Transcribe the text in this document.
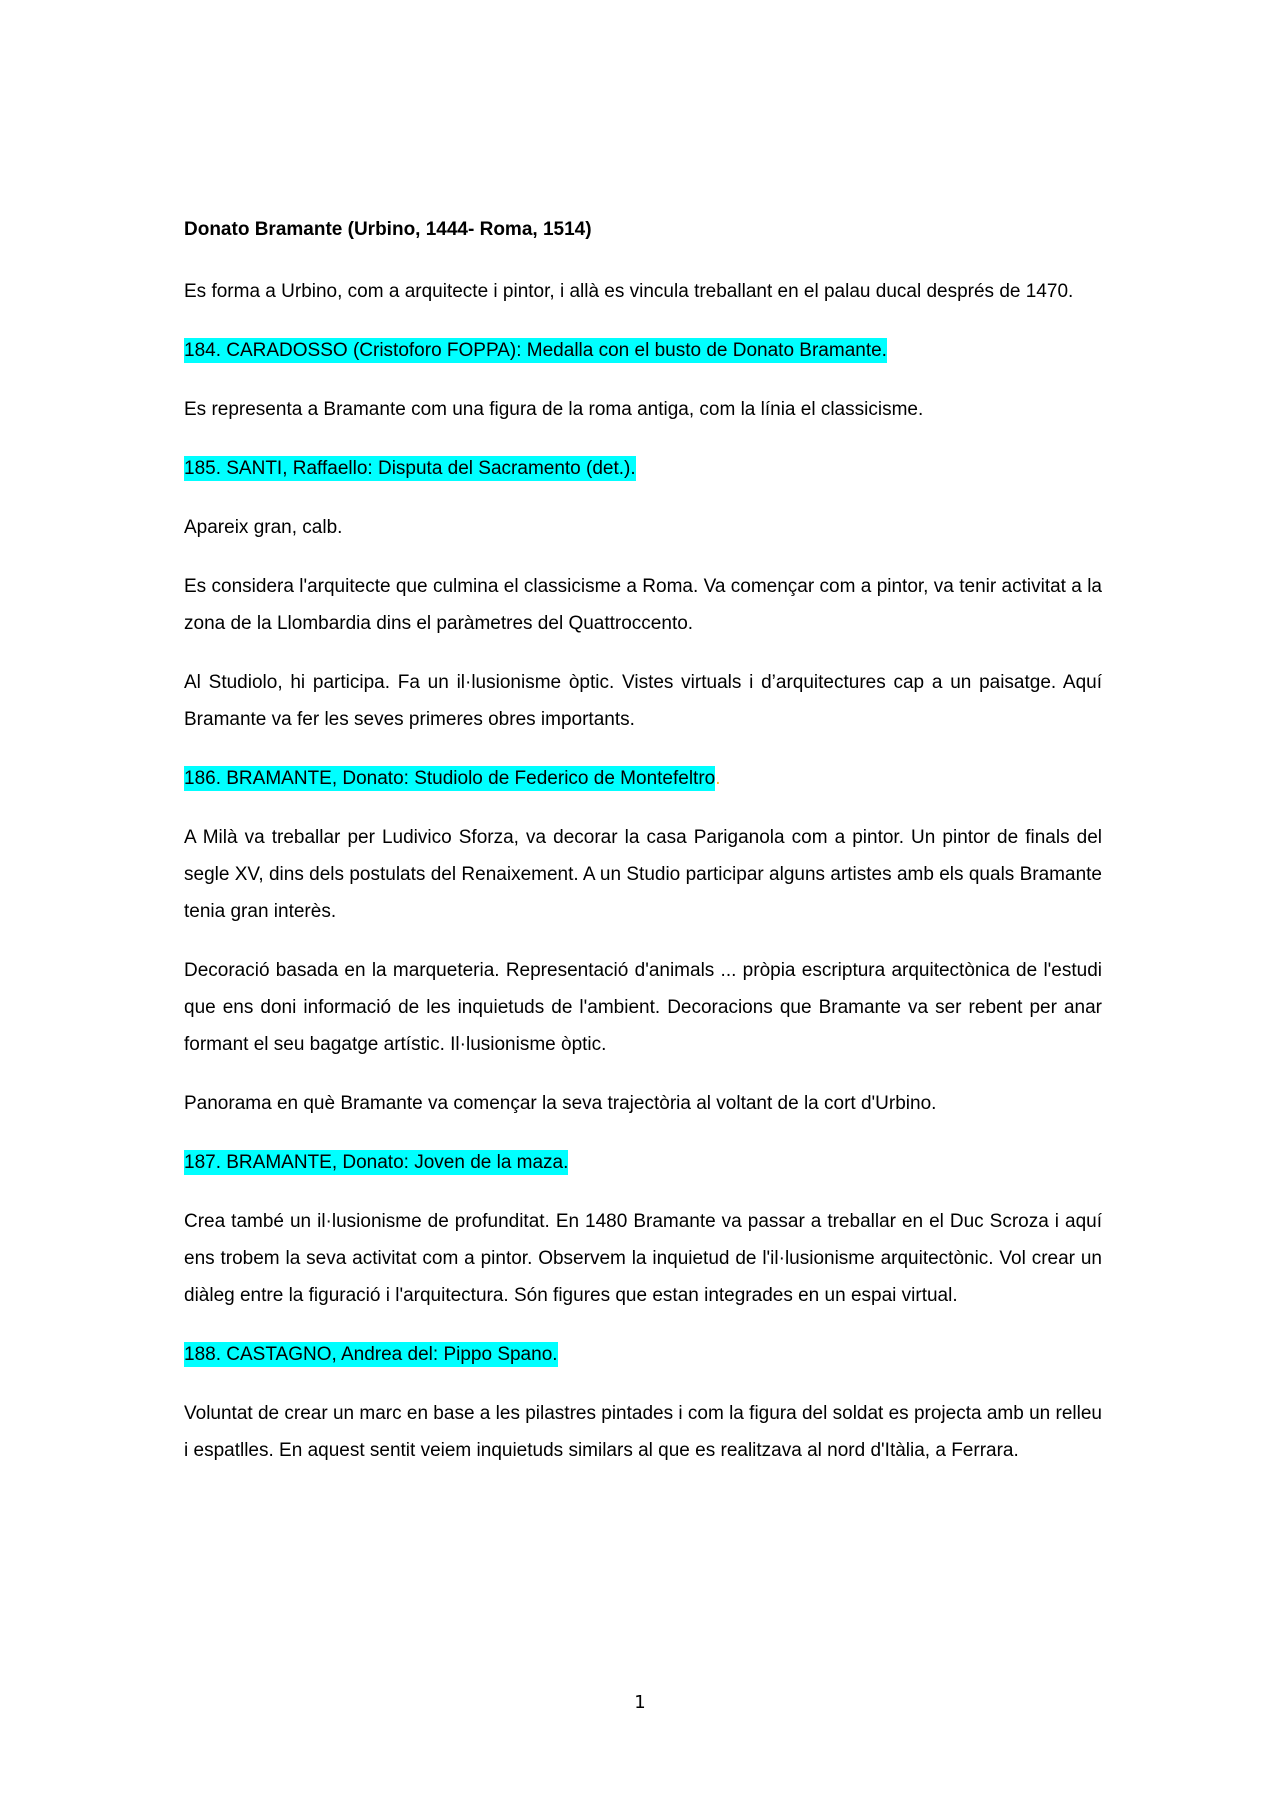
Donato Bramante (Urbino, 1444- Roma, 1514)

Es forma a Urbino, com a arquitecte i pintor, i allà es vincula treballant en el palau ducal després de 1470.

184. CARADOSSO (Cristoforo FOPPA): Medalla con el busto de Donato Bramante.

Es representa a Bramante com una figura de la roma antiga, com la línia el classicisme.

185. SANTI, Raffaello: Disputa del Sacramento (det.).

Apareix gran, calb.

Es considera l'arquitecte que culmina el classicisme a Roma. Va començar com a pintor, va tenir activitat a la zona de la Llombardia dins el paràmetres del Quattroccento.

Al Studiolo, hi participa. Fa un il·lusionisme òptic. Vistes virtuals i d’arquitectures cap a un paisatge. Aquí Bramante va fer les seves primeres obres importants.

186. BRAMANTE, Donato: Studiolo de Federico de Montefeltro.

A Milà va treballar per Ludivico Sforza, va decorar la casa Pariganola com a pintor. Un pintor de finals del segle XV, dins dels postulats del Renaixement. A un Studio participar alguns artistes amb els quals Bramante tenia gran interès.

Decoració basada en la marqueteria. Representació d'animals ... pròpia escriptura arquitectònica de l'estudi que ens doni informació de les inquietuds de l'ambient. Decoracions que Bramante va ser rebent per anar formant el seu bagatge artístic. Il·lusionisme òptic.

Panorama en què Bramante va començar la seva trajectòria al voltant de la cort d'Urbino.

187. BRAMANTE, Donato: Joven de la maza.

Crea també un il·lusionisme de profunditat. En 1480 Bramante va passar a treballar en el Duc Scroza i aquí ens trobem la seva activitat com a pintor. Observem la inquietud de l'il·lusionisme arquitectònic. Vol crear un diàleg entre la figuració i l'arquitectura. Són figures que estan integrades en un espai virtual.

188. CASTAGNO, Andrea del: Pippo Spano.

Voluntat de crear un marc en base a les pilastres pintades i com la figura del soldat es projecta amb un relleu i espatlles. En aquest sentit veiem inquietuds similars al que es realitzava al nord d'Itàlia, a Ferrara.

1
